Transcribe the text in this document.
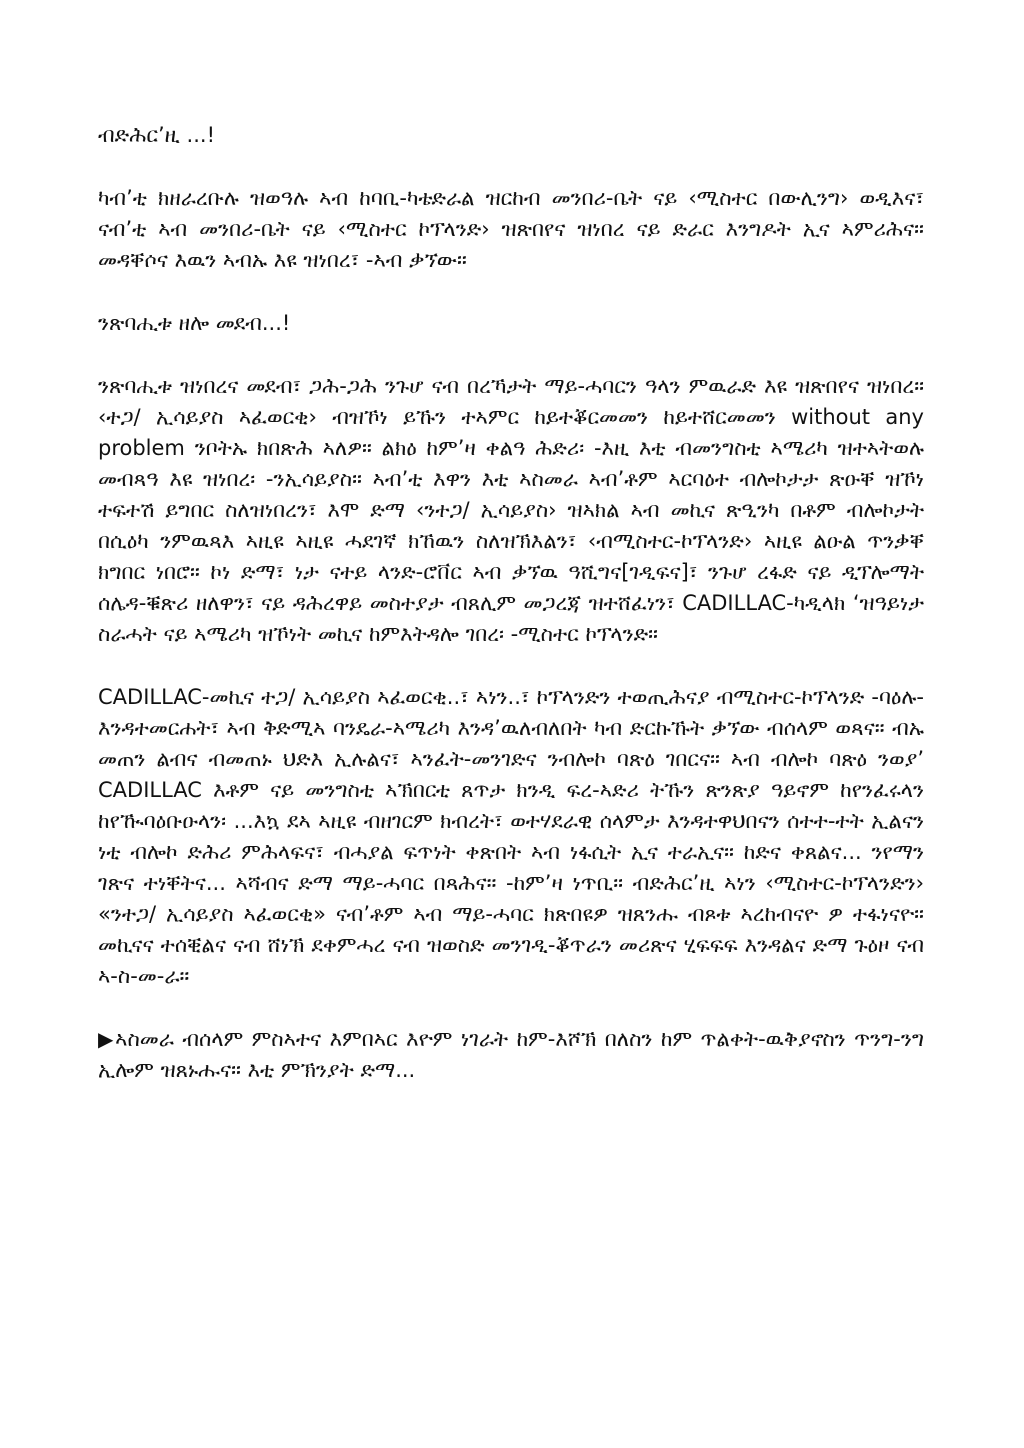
ብድሕር’ዚ ...!

ካብ’ቲ ክዘራረቡሉ ዝወዓሉ ኣብ ከባቢ-ካቴድራል ዝርከብ መንበሪ-ቤት ናይ ‹ሚስተር በውሊንግ› ወዲእና፣ ናብ’ቲ ኣብ መንበሪ-ቤት ናይ ‹ሚስተር ኮፕላንድ› ዝጽበየና ዝነበረ ናይ ድራር እንግዶት ኢና ኣምሪሕና። መዳቐሶና እዉን ኣብኡ እዩ ዝነበረ፣ -ኣብ ቃኘው።

ንጽባሒቱ ዘሎ መደብ...!

ንጽባሒቱ ዝነበረና መደብ፣ ጋሕ-ጋሕ ንጉሆ ናብ በረኻታት ማይ-ሓባርን ዓላን ምዉራድ እዩ ዝጽበየና ዝነበረ። ‹ተጋ/ ኢሳይያስ ኣፈወርቂ› ብዝኾነ ይኹን ተኣምር ከይተቖርመመን ከይተሸርመመን without any problem ንቦትኡ ክበጽሕ ኣለዎ። ልክዕ ከም’ዛ ቀልዓ ሕድሪ፡ -እዚ እቲ ብመንግስቲ ኣሜሪካ ዝተኣትወሉ መብጻዓ እዩ ዝነበረ፡ -ንኢሳይያስ። ኣብ’ቲ እዋን እቲ ኣስመራ ኣብ’ቶም ኣርባዕተ ብሎኮታታ ጽዑቐ ዝኾነ ተፍተሽ ይግበር ስለዝነበረን፣ እሞ ድማ ‹ንተጋ/ ኢሳይያስ› ዝኣክል ኣብ መኪና ጽዒንካ በቶም ብሎኮታት በሲዕካ ንምዉጻእ ኣዚዩ ኣዚዩ ሓደገኛ ክኸዉን ስለዝኽእልን፣ ‹ብሚስተር-ኮፕላንድ› ኣዚዩ ልዑል ጥንቃቐ ክግበር ነበሮ። ኮነ ድማ፣ ነታ ናተይ ላንድ-ሮቨር ኣብ ቃኘዉ ዓሺግና[ገዲፍና]፣ ንጉሆ ረፋድ ናይ ዲፕሎማት ሰሌዳ-ቑጽሪ ዘለዋን፣ ናይ ዳሕረዋይ መስተያታ ብጸሊም መጋረጃ ዝተሸፈነን፣ CADILLAC-ካዲላክ ‘ዝዓይነታ ስራሓት ናይ ኣሜሪካ ዝኾነት መኪና ከምእትዳሎ ገበረ፡ -ሚስተር ኮፕላንድ።

CADILLAC-መኪና ተጋ/ ኢሳይያስ ኣፈወርቂ..፣ ኣነን..፣ ኮፕላንድን ተወጢሕናያ ብሚስተር-ኮፕላንድ -ባዕሉ- እንዳተመርሐት፣ ኣብ ቅድሚኣ ባንዴራ-ኣሜሪካ እንዳ’ዉለብለበት ካብ ድርኩኹት ቃኘው ብሰላም ወጻና። ብኡ መጠን ልብና ብመጠኑ ህድእ ኢሉልና፣ ኣንፈት-መንገድና ንብሎኮ ባጽዕ ገበርና። ኣብ ብሎኮ ባጽዕ ንወያ’ CADILLAC እቶም ናይ መንግስቲ ኣኽበርቲ ጸጥታ ክንዲ ፍረ-ኣድሪ ትኹን ጽንጽያ ዓይኖም ከየንፈሩላን ከየዂባዕቡዑላን፡ ...እኳ ደኣ ኣዚዩ ብዘገርም ክብረት፣ ወተሃደራዊ ሰላምታ እንዳተዋህበናን ሰተተ-ተት ኢልናን ነቲ ብሎኮ ድሕሪ ምሕላፍና፣ ብሓያል ፍጥነት ቀጽበት ኣብ ነፋሲት ኢና ተራኢና። ከድና ቀጸልና... ንየማን ገጽና ተነቐትና... ኣሻብና ድማ ማይ-ሓባር በጻሕና። -ከም’ዛ ነጥቢ። ብድሕር’ዚ ኣነን ‹ሚስተር-ኮፕላንድን› «ንተጋ/ ኢሳይያስ ኣፈወርቂ» ናብ’ቶም ኣብ ማይ-ሓባር ክጽበዩዎ ዝጸንሑ ብጾቱ ኣረከብናዮ ዎ ተፋነናዮ። መኪናና ተሰቒልና ናብ ሸነኽ ደቀምሓረ ናብ ዝወስድ መንገዲ-ቖጥራን መሪጽና ሂፍፍፍ እንዳልና ድማ ጉዕዞ ናብ ኣ-ስ-መ-ራ።

▶ኣስመራ ብሰላም ምስኣተና እምበኣር እዮም ነገራት ከም-እሾኽ በለስን ከም ጥልቀት-ዉቅያኖስን ጥንግ-ንግ ኢሎም ዝጸኑሑና። እቲ ምኽንያት ድማ...
